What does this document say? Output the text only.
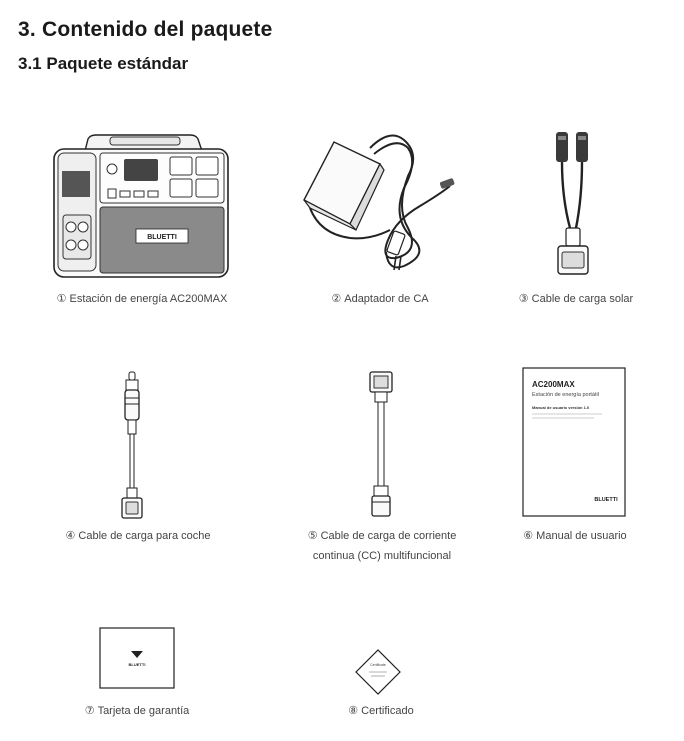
3. Contenido del paquete
3.1 Paquete estándar
BLUETTI
① Estación de energía AC200MAX	② Adaptador de CA	③ Cable de carga solar
AC200MAX
Estación de energía portátil
Manual de usuario versión 1.0
BLUETTI
④ Cable de carga para coche	⑤ Cable de carga de corriente
continua (CC) multifuncional
⑥ Manual de usuario
BLUETTI	Certificate
⑦ Tarjeta de garantía	⑧ Certificado
